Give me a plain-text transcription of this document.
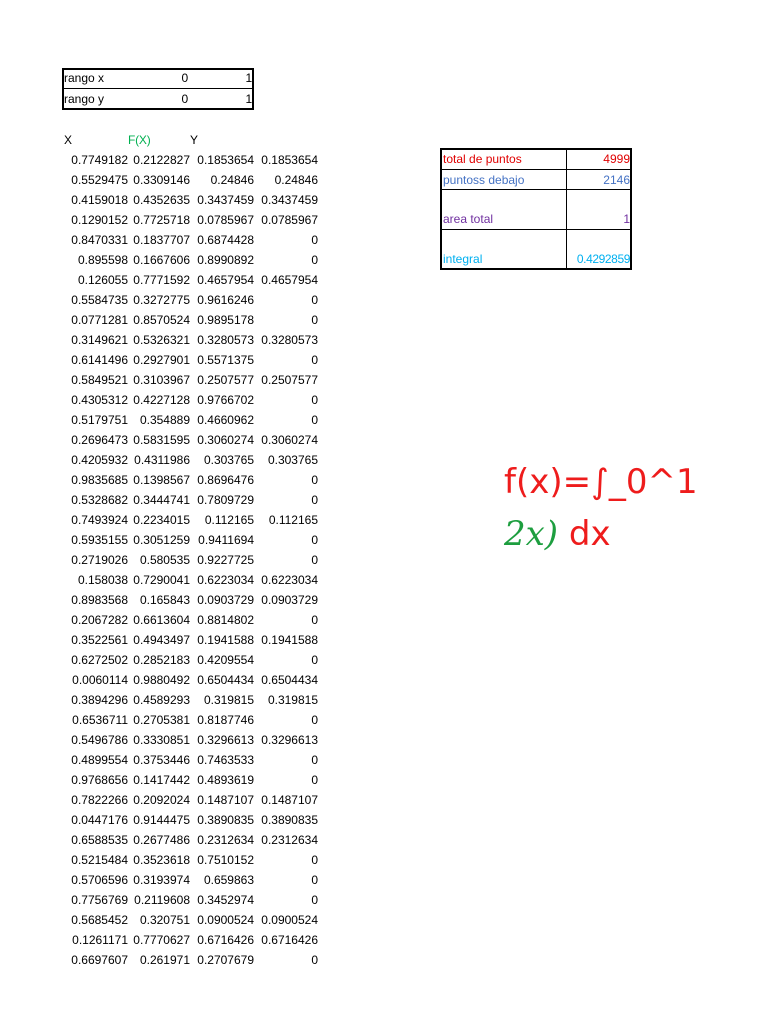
rango x	0	1
rango y	0	1
X	F(X)	Y
0.7749182 0.2122827 0.1853654 0.1853654
0.5529475 0.3309146	0.24846	0.24846
0.4159018 0.4352635 0.3437459 0.3437459
0.1290152 0.7725718 0.0785967 0.0785967
0.8470331 0.1837707 0.6874428	0
0.895598 0.1667606 0.8990892	0
0.126055 0.7771592 0.4657954 0.4657954
0.5584735 0.3272775 0.9616246	0
0.0771281 0.8570524 0.9895178	0
0.3149621 0.5326321 0.3280573 0.3280573
0.6141496 0.2927901 0.5571375	0
0.5849521 0.3103967 0.2507577 0.2507577
0.4305312 0.4227128 0.9766702	0
0.5179751 0.354889 0.4660962	0
0.2696473 0.5831595 0.3060274 0.3060274
0.4205932 0.4311986	0.303765	0.303765
0.9835685 0.1398567 0.8696476	0
0.5328682 0.3444741 0.7809729	0
0.7493924 0.2234015	0.112165	0.112165
0.5935155 0.3051259 0.9411694	0
0.2719026 0.580535 0.9227725	0
0.158038 0.7290041 0.6223034 0.6223034
0.8983568 0.165843 0.0903729 0.0903729
0.2067282 0.6613604 0.8814802	0
0.3522561 0.4943497 0.1941588 0.1941588
0.6272502 0.2852183 0.4209554	0
0.0060114 0.9880492 0.6504434 0.6504434
0.3894296 0.4589293	0.319815	0.319815
0.6536711 0.2705381 0.8187746	0
0.5496786 0.3330851 0.3296613 0.3296613
0.4899554 0.3753446 0.7463533	0
0.9768656 0.1417442 0.4893619	0
0.7822266 0.2092024 0.1487107 0.1487107
0.0447176 0.9144475 0.3890835 0.3890835
0.6588535 0.2677486 0.2312634 0.2312634
0.5215484 0.3523618 0.7510152	0
0.5706596 0.3193974	0.659863	0
0.7756769 0.2119608 0.3452974	0
0.5685452 0.320751 0.0900524 0.0900524
0.1261171 0.7770627 0.6716426 0.6716426
0.6697607 0.261971 0.2707679	0
total de puntos	4999
puntoss debajo	2146
area total	1
integral	0.4292859
f(x)=∫_0^1
2𝑥) dx
